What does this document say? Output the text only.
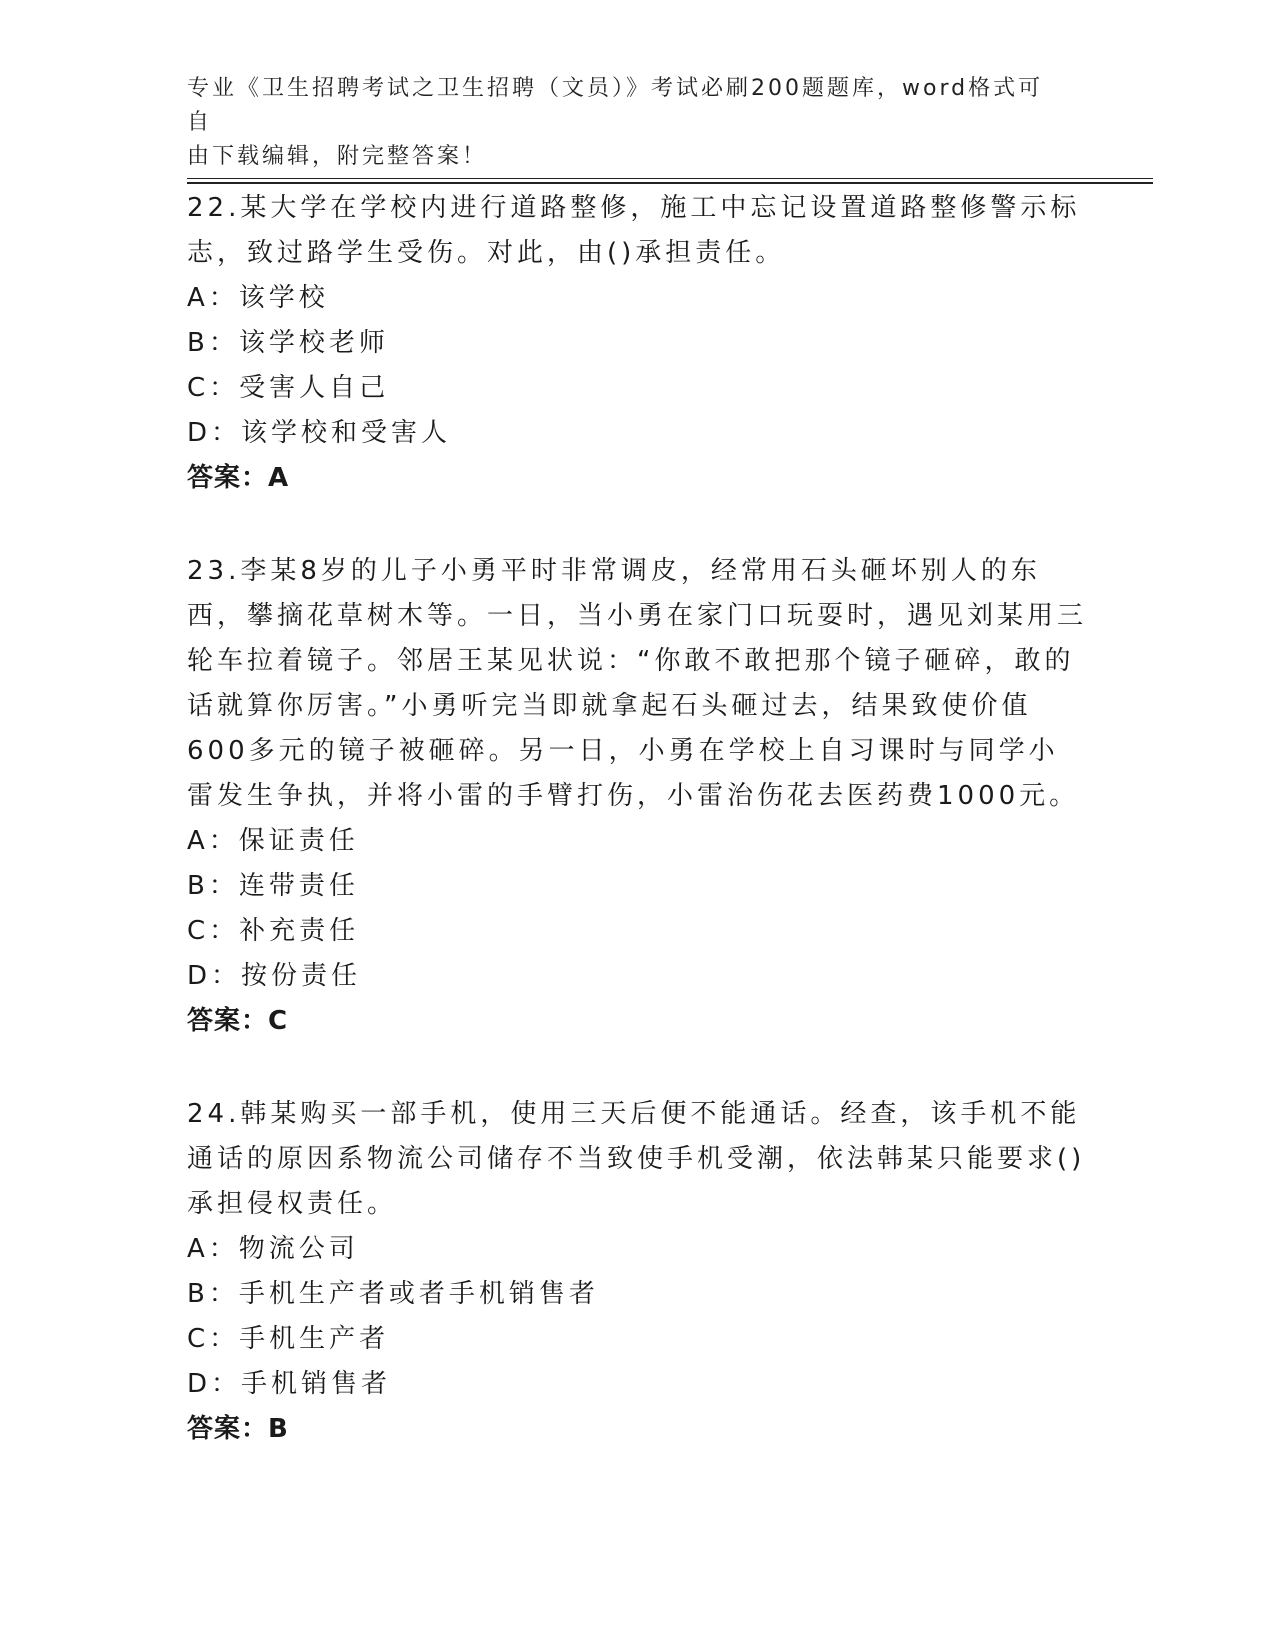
专业《卫生招聘考试之卫生招聘（文员）》考试必刷200题题库，word格式可自
由下载编辑，附完整答案！
22.某大学在学校内进行道路整修，施工中忘记设置道路整修警示标志，致过路学生受伤。对此，由()承担责任。
A：该学校
B：该学校老师
C：受害人自己
D：该学校和受害人
答案：A
23.李某8岁的儿子小勇平时非常调皮，经常用石头砸坏别人的东西，攀摘花草树木等。一日，当小勇在家门口玩耍时，遇见刘某用三轮车拉着镜子。邻居王某见状说：“你敢不敢把那个镜子砸碎，敢的话就算你厉害。”小勇听完当即就拿起石头砸过去，结果致使价值600多元的镜子被砸碎。另一日，小勇在学校上自习课时与同学小雷发生争执，并将小雷的手臂打伤，小雷治伤花去医药费1000元。
A：保证责任
B：连带责任
C：补充责任
D：按份责任
答案：C
24.韩某购买一部手机，使用三天后便不能通话。经查，该手机不能通话的原因系物流公司储存不当致使手机受潮，依法韩某只能要求()承担侵权责任。
A：物流公司
B：手机生产者或者手机销售者
C：手机生产者
D：手机销售者
答案：B
